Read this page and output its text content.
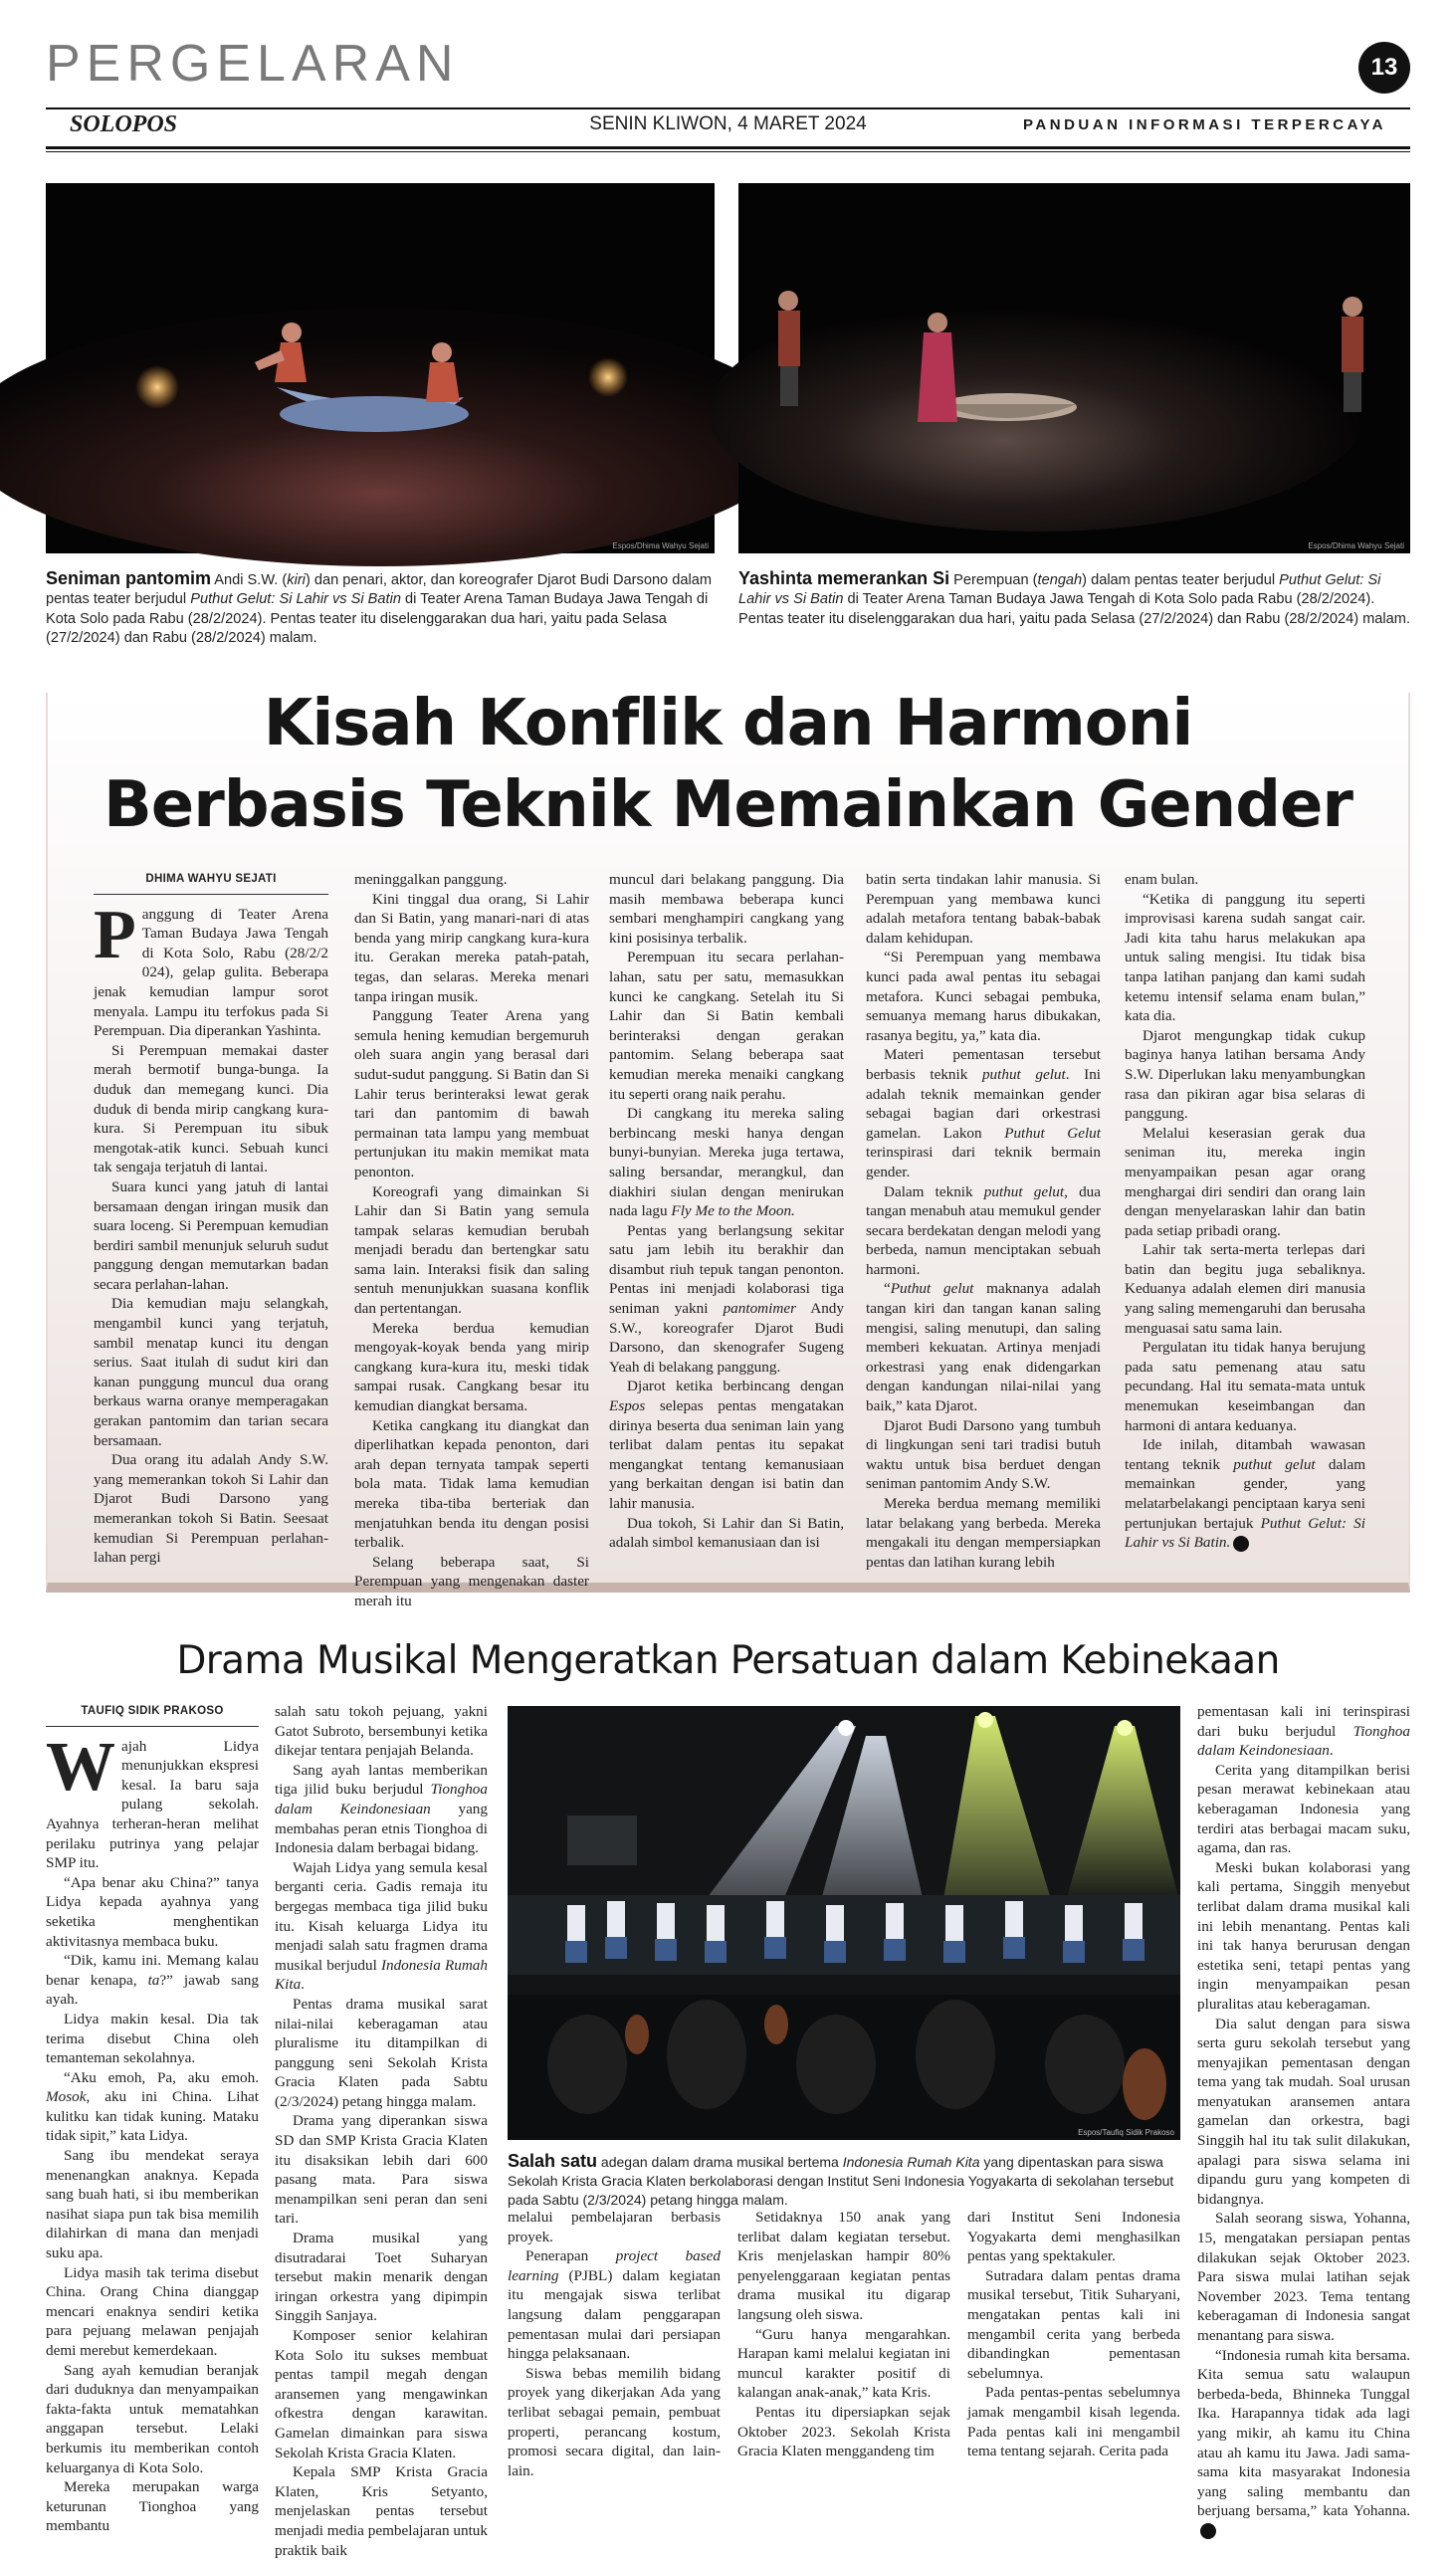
PERGELARAN	13
SOLOPOS	SENIN KLIWON, 4 MARET 2024	PANDUAN INFORMASI TERPERCAYA
Espos/Dhima Wahyu Sejati	Espos/Dhima Wahyu Sejati
Seniman pantomim Andi S.W. (kiri) dan penari, aktor, dan koreografer Djarot Budi Darsono dalam pentas teater berjudul Puthut Gelut: Si Lahir vs Si Batin di Teater Arena Taman Budaya Jawa Tengah di Kota Solo pada Rabu (28/2/2024). Pentas teater itu diselenggarakan dua hari, yaitu pada Selasa (27/2/2024) dan Rabu (28/2/2024) malam.
Yashinta memerankan Si Perempuan (tengah) dalam pentas teater berjudul Puthut Gelut: Si Lahir vs Si Batin di Teater Arena Taman Budaya Jawa Tengah di Kota Solo pada Rabu (28/2/2024). Pentas teater itu diselenggarakan dua hari, yaitu pada Selasa (27/2/2024) dan Rabu (28/2/2024) malam.
Kisah Konflik dan Harmoni
Berbasis Teknik Memainkan Gender
DHIMA WAHYU SEJATI

Panggung di Teater Arena Taman Budaya Jawa Tengah di Kota Solo, Rabu (28/2/2 024), gelap gulita. Beberapa jenak kemudian lampur sorot menyala. Lampu itu terfokus pada Si Perempuan. Dia diperankan Yashinta.

Si Perempuan memakai daster merah bermotif bunga-bunga. Ia duduk dan memegang kunci. Dia duduk di benda mirip cangkang kura-kura. Si Perempuan itu sibuk mengotak-atik kunci. Sebuah kunci tak sengaja terjatuh di lantai.

Suara kunci yang jatuh di lantai bersamaan dengan iringan musik dan suara loceng. Si Perempuan kemudian berdiri sambil menunjuk seluruh sudut panggung dengan memutarkan badan secara perlahan-lahan.

Dia kemudian maju selangkah, mengambil kunci yang terjatuh, sambil menatap kunci itu dengan serius. Saat itulah di sudut kiri dan kanan punggung muncul dua orang berkaus warna oranye memperagakan gerakan pantomim dan tarian secara bersamaan.

Dua orang itu adalah Andy S.W. yang memerankan tokoh Si Lahir dan Djarot Budi Darsono yang memerankan tokoh Si Batin. Seesaat kemudian Si Perempuan perlahan-lahan pergi

meninggalkan panggung.

Kini tinggal dua orang, Si Lahir dan Si Batin, yang manari-nari di atas benda yang mirip cangkang kura-kura itu. Gerakan mereka patah-patah, tegas, dan selaras. Mereka menari tanpa iringan musik.

Panggung Teater Arena yang semula hening kemudian bergemuruh oleh suara angin yang berasal dari sudut-sudut panggung. Si Batin dan Si Lahir terus berinteraksi lewat gerak tari dan pantomim di bawah permainan tata lampu yang membuat pertunjukan itu makin memikat mata penonton.

Koreografi yang dimainkan Si Lahir dan Si Batin yang semula tampak selaras kemudian berubah menjadi beradu dan bertengkar satu sama lain. Interaksi fisik dan saling sentuh menunjukkan suasana konflik dan pertentangan.

Mereka berdua kemudian mengoyak-koyak benda yang mirip cangkang kura-kura itu, meski tidak sampai rusak. Cangkang besar itu kemudian diangkat bersama.

Ketika cangkang itu diangkat dan diperlihatkan kepada penonton, dari arah depan ternyata tampak seperti bola mata. Tidak lama kemudian mereka tiba-tiba berteriak dan menjatuhkan benda itu dengan posisi terbalik.

Selang beberapa saat, Si Perempuan yang mengenakan daster merah itu

muncul dari belakang panggung. Dia masih membawa beberapa kunci sembari menghampiri cangkang yang kini posisinya terbalik.

Perempuan itu secara perlahan-lahan, satu per satu, memasukkan kunci ke cangkang. Setelah itu Si Lahir dan Si Batin kembali berinteraksi dengan gerakan pantomim. Selang beberapa saat kemudian mereka menaiki cangkang itu seperti orang naik perahu.

Di cangkang itu mereka saling berbincang meski hanya dengan bunyi-bunyian. Mereka juga tertawa, saling bersandar, merangkul, dan diakhiri siulan dengan menirukan nada lagu Fly Me to the Moon.

Pentas yang berlangsung sekitar satu jam lebih itu berakhir dan disambut riuh tepuk tangan penonton. Pentas ini menjadi kolaborasi tiga seniman yakni pantomimer Andy S.W., koreografer Djarot Budi Darsono, dan skenografer Sugeng Yeah di belakang panggung.

Djarot ketika berbincang dengan Espos selepas pentas mengatakan dirinya beserta dua seniman lain yang terlibat dalam pentas itu sepakat mengangkat tentang kemanusiaan yang berkaitan dengan isi batin dan lahir manusia.

Dua tokoh, Si Lahir dan Si Batin, adalah simbol kemanusiaan dan isi

batin serta tindakan lahir manusia. Si Perempuan yang membawa kunci adalah metafora tentang babak-babak dalam kehidupan.

“Si Perempuan yang membawa kunci pada awal pentas itu sebagai metafora. Kunci sebagai pembuka, semuanya memang harus dibukakan, rasanya begitu, ya,” kata dia.

Materi pementasan tersebut berbasis teknik puthut gelut. Ini adalah teknik memainkan gender sebagai bagian dari orkestrasi gamelan. Lakon Puthut Gelut terinspirasi dari teknik bermain gender.

Dalam teknik puthut gelut, dua tangan menabuh atau memukul gender secara berdekatan dengan melodi yang berbeda, namun menciptakan sebuah harmoni.

“Puthut gelut maknanya adalah tangan kiri dan tangan kanan saling mengisi, saling menutupi, dan saling memberi kekuatan. Artinya menjadi orkestrasi yang enak didengarkan dengan kandungan nilai-nilai yang baik,” kata Djarot.

Djarot Budi Darsono yang tumbuh di lingkungan seni tari tradisi butuh waktu untuk bisa berduet dengan seniman pantomim Andy S.W.

Mereka berdua memang memiliki latar belakang yang berbeda. Mereka mengakali itu dengan mempersiapkan pentas dan latihan kurang lebih

enam bulan.

“Ketika di panggung itu seperti improvisasi karena sudah sangat cair. Jadi kita tahu harus melakukan apa untuk saling mengisi. Itu tidak bisa tanpa latihan panjang dan kami sudah ketemu intensif selama enam bulan,” kata dia.

Djarot mengungkap tidak cukup baginya hanya latihan bersama Andy S.W. Diperlukan laku menyambungkan rasa dan pikiran agar bisa selaras di panggung.

Melalui keserasian gerak dua seniman itu, mereka ingin menyampaikan pesan agar orang menghargai diri sendiri dan orang lain dengan menyelaraskan lahir dan batin pada setiap pribadi orang.

Lahir tak serta-merta terlepas dari batin dan begitu juga sebaliknya. Keduanya adalah elemen diri manusia yang saling memengaruhi dan berusaha menguasai satu sama lain.

Pergulatan itu tidak hanya berujung pada satu pemenang atau satu pecundang. Hal itu semata-mata untuk menemukan keseimbangan dan harmoni di antara keduanya.

Ide inilah, ditambah wawasan tentang teknik puthut gelut dalam memainkan gender, yang melatarbelakangi penciptaan karya seni pertunjukan bertajuk Puthut Gelut: Si Lahir vs Si Batin.

Drama Musikal Mengeratkan Persatuan dalam Kebinekaan
TAUFIQ SIDIK PRAKOSO

Wajah Lidya menunjukkan ekspresi kesal. Ia baru saja pulang sekolah. Ayahnya terheran-heran melihat perilaku putrinya yang pelajar SMP itu.

“Apa benar aku China?” tanya Lidya kepada ayahnya yang seketika menghentikan aktivitasnya membaca buku.

“Dik, kamu ini. Memang kalau benar kenapa, ta?” jawab sang ayah.

Lidya makin kesal. Dia tak terima disebut China oleh temanteman sekolahnya.

“Aku emoh, Pa, aku emoh. Mosok, aku ini China. Lihat kulitku kan tidak kuning. Mataku tidak sipit,” kata Lidya.

Sang ibu mendekat seraya menenangkan anaknya. Kepada sang buah hati, si ibu memberikan nasihat siapa pun tak bisa memilih dilahirkan di mana dan menjadi suku apa.

Lidya masih tak terima disebut China. Orang China dianggap mencari enaknya sendiri ketika para pejuang melawan penjajah demi merebut kemerdekaan.

Sang ayah kemudian beranjak dari duduknya dan menyampaikan fakta-fakta untuk mematahkan anggapan tersebut. Lelaki berkumis itu memberikan contoh keluarganya di Kota Solo.

Mereka merupakan warga keturunan Tionghoa yang membantu

salah satu tokoh pejuang, yakni Gatot Subroto, bersembunyi ketika dikejar tentara penjajah Belanda.

Sang ayah lantas memberikan tiga jilid buku berjudul Tionghoa dalam Keindonesiaan yang membahas peran etnis Tionghoa di Indonesia dalam berbagai bidang.

Wajah Lidya yang semula kesal berganti ceria. Gadis remaja itu bergegas membaca tiga jilid buku itu. Kisah keluarga Lidya itu menjadi salah satu fragmen drama musikal berjudul Indonesia Rumah Kita.

Pentas drama musikal sarat nilai-nilai keberagaman atau pluralisme itu ditampilkan di panggung seni Sekolah Krista Gracia Klaten pada Sabtu (2/3/2024) petang hingga malam.

Drama yang diperankan siswa SD dan SMP Krista Gracia Klaten itu disaksikan lebih dari 600 pasang mata. Para siswa menampilkan seni peran dan seni tari.

Drama musikal yang disutradarai Toet Suharyan tersebut makin menarik dengan iringan orkestra yang dipimpin Singgih Sanjaya.

Komposer senior kelahiran Kota Solo itu sukses membuat pentas tampil megah dengan aransemen yang mengawinkan ofkestra dengan karawitan. Gamelan dimainkan para siswa Sekolah Krista Gracia Klaten.

Kepala SMP Krista Gracia Klaten, Kris Setyanto, menjelaskan pentas tersebut menjadi media pembelajaran untuk praktik baik

Espos/Taufiq Sidik Prakoso
Salah satu adegan dalam drama musikal bertema Indonesia Rumah Kita yang dipentaskan para siswa Sekolah Krista Gracia Klaten berkolaborasi dengan Institut Seni Indonesia Yogyakarta di sekolahan tersebut pada Sabtu (2/3/2024) petang hingga malam.

melalui pembelajaran berbasis proyek.

Penerapan project based learning (PJBL) dalam kegiatan itu mengajak siswa terlibat langsung dalam penggarapan pementasan mulai dari persiapan hingga pelaksanaan.

Siswa bebas memilih bidang proyek yang dikerjakan Ada yang terlibat sebagai pemain, pembuat properti, perancang kostum, promosi secara digital, dan lain-lain.

Setidaknya 150 anak yang terlibat dalam kegiatan tersebut. Kris menjelaskan hampir 80% penyelenggaraan kegiatan pentas drama musikal itu digarap langsung oleh siswa.

“Guru hanya mengarahkan. Harapan kami melalui kegiatan ini muncul karakter positif di kalangan anak-anak,” kata Kris.

Pentas itu dipersiapkan sejak Oktober 2023. Sekolah Krista Gracia Klaten menggandeng tim

dari Institut Seni Indonesia Yogyakarta demi menghasilkan pentas yang spektakuler.

Sutradara dalam pentas drama musikal tersebut, Titik Suharyani, mengatakan pentas kali ini mengambil cerita yang berbeda dibandingkan pementasan sebelumnya.

Pada pentas-pentas sebelumnya jamak mengambil kisah legenda. Pada pentas kali ini mengambil tema tentang sejarah. Cerita pada

pementasan kali ini terinspirasi dari buku berjudul Tionghoa dalam Keindonesiaan.

Cerita yang ditampilkan berisi pesan merawat kebinekaan atau keberagaman Indonesia yang terdiri atas berbagai macam suku, agama, dan ras.

Meski bukan kolaborasi yang kali pertama, Singgih menyebut terlibat dalam drama musikal kali ini lebih menantang. Pentas kali ini tak hanya berurusan dengan estetika seni, tetapi pentas yang ingin menyampaikan pesan pluralitas atau keberagaman.

Dia salut dengan para siswa serta guru sekolah tersebut yang menyajikan pementasan dengan tema yang tak mudah. Soal urusan menyatukan aransemen antara gamelan dan orkestra, bagi Singgih hal itu tak sulit dilakukan, apalagi para siswa selama ini dipandu guru yang kompeten di bidangnya.

Salah seorang siswa, Yohanna, 15, mengatakan persiapan pentas dilakukan sejak Oktober 2023. Para siswa mulai latihan sejak November 2023. Tema tentang keberagaman di Indonesia sangat menantang para siswa.

“Indonesia rumah kita bersama. Kita semua satu walaupun berbeda-beda, Bhinneka Tunggal Ika. Harapannya tidak ada lagi yang mikir, ah kamu itu China atau ah kamu itu Jawa. Jadi sama-sama kita masyarakat Indonesia yang saling membantu dan berjuang bersama,” kata Yohanna.
